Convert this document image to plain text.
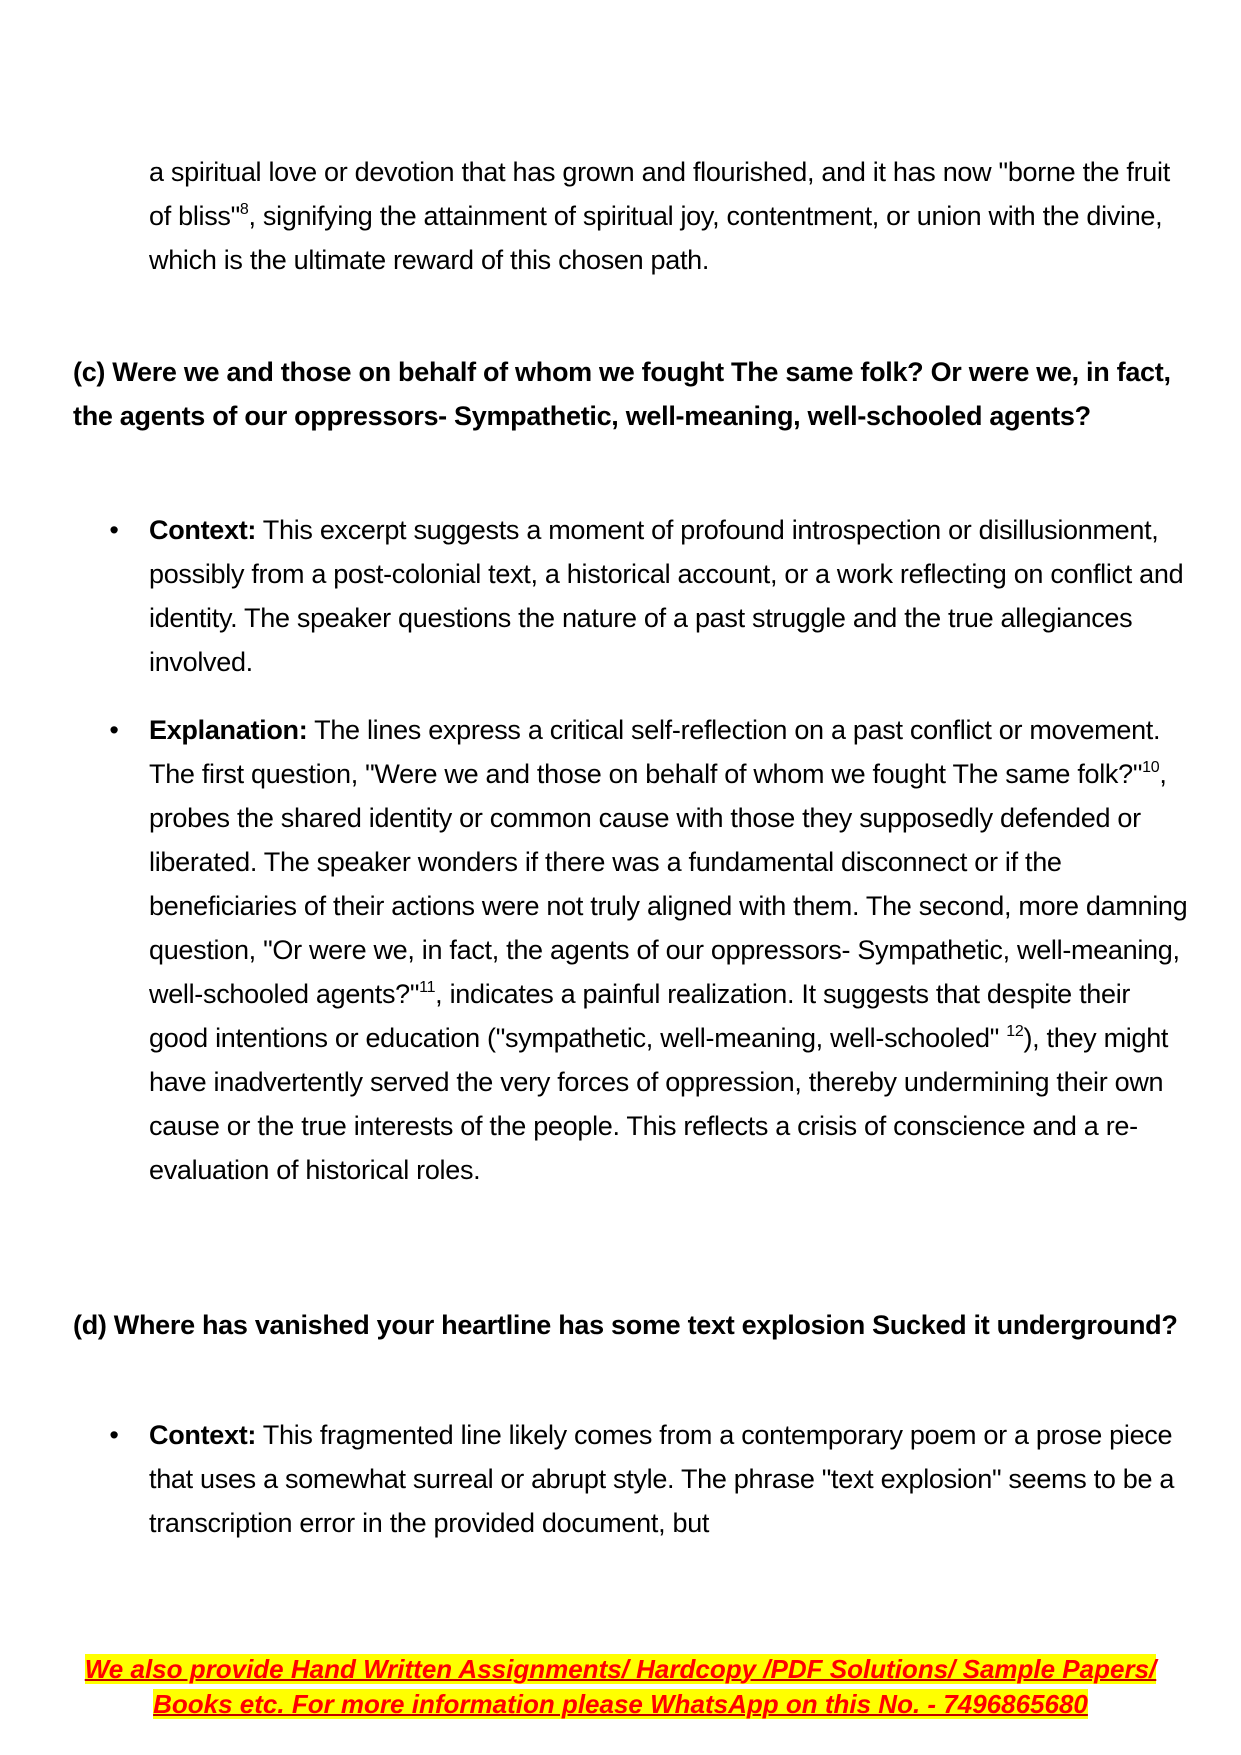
a spiritual love or devotion that has grown and flourished, and it has now "borne the fruit of bliss"$^8$, signifying the attainment of spiritual joy, contentment, or union with the divine, which is the ultimate reward of this chosen path.

(c) Were we and those on behalf of whom we fought The same folk? Or were we, in fact, the agents of our oppressors- Sympathetic, well-meaning, well-schooled agents?

• Context: This excerpt suggests a moment of profound introspection or disillusionment, possibly from a post-colonial text, a historical account, or a work reflecting on conflict and identity. The speaker questions the nature of a past struggle and the true allegiances involved.
• Explanation: The lines express a critical self-reflection on a past conflict or movement. The first question, "Were we and those on behalf of whom we fought The same folk?"$^{10}$, probes the shared identity or common cause with those they supposedly defended or liberated. The speaker wonders if there was a fundamental disconnect or if the beneficiaries of their actions were not truly aligned with them. The second, more damning question, "Or were we, in fact, the agents of our oppressors- Sympathetic, well-meaning, well-schooled agents?"$^{11}$, indicates a painful realization. It suggests that despite their good intentions or education ("sympathetic, well-meaning, well-schooled" $^{12}$), they might have inadvertently served the very forces of oppression, thereby undermining their own cause or the true interests of the people. This reflects a crisis of conscience and a re-evaluation of historical roles.

(d) Where has vanished your heartline has some text explosion Sucked it underground?

• Context: This fragmented line likely comes from a contemporary poem or a prose piece that uses a somewhat surreal or abrupt style. The phrase "text explosion" seems to be a transcription error in the provided document, but
We also provide Hand Written Assignments/ Hardcopy /PDF Solutions/ Sample Papers/
Books etc. For more information please WhatsApp on this No. - 7496865680
